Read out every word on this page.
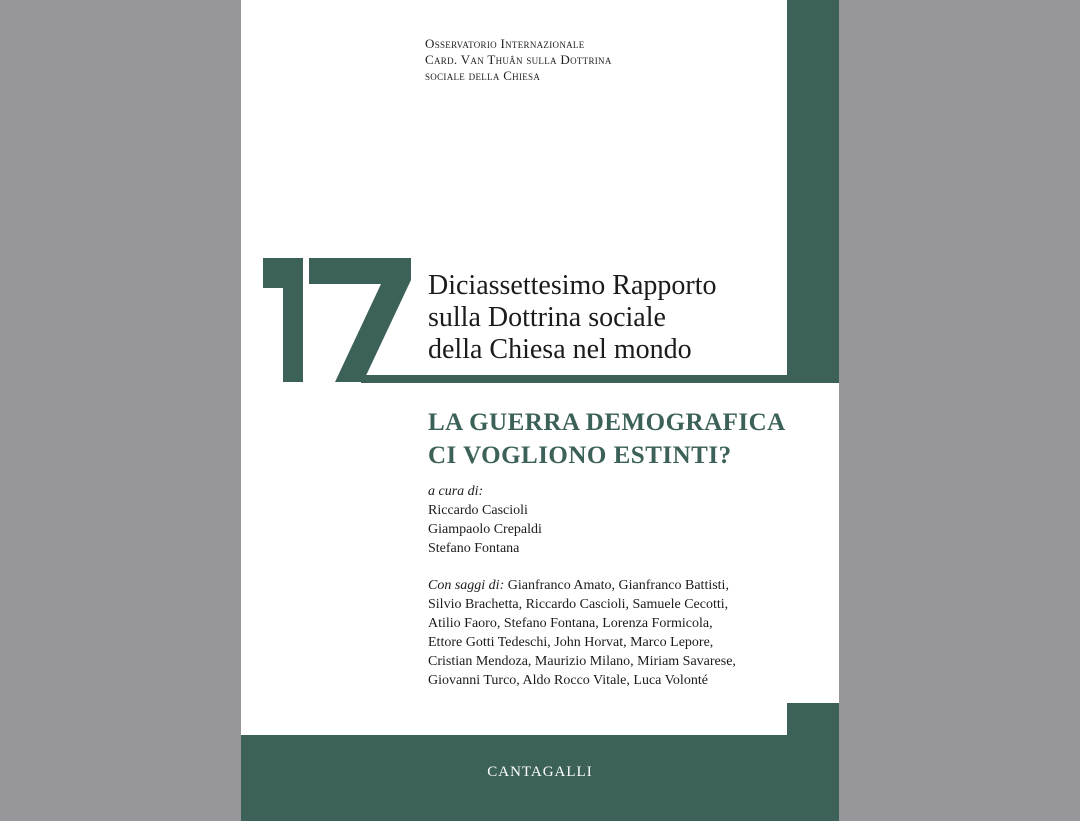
Osservatorio Internazionale
Card. Van Thuân sulla Dottrina
sociale della Chiesa
17
Diciassettesimo Rapporto
sulla Dottrina sociale
della Chiesa nel mondo
LA GUERRA DEMOGRAFICA
CI VOGLIONO ESTINTI?
a cura di:
Riccardo Cascioli
Giampaolo Crepaldi
Stefano Fontana
Con saggi di: Gianfranco Amato, Gianfranco Battisti,
Silvio Brachetta, Riccardo Cascioli, Samuele Cecotti,
Atilio Faoro, Stefano Fontana, Lorenza Formicola,
Ettore Gotti Tedeschi, John Horvat, Marco Lepore,
Cristian Mendoza, Maurizio Milano, Miriam Savarese,
Giovanni Turco, Aldo Rocco Vitale, Luca Volonté
CANTAGALLI
